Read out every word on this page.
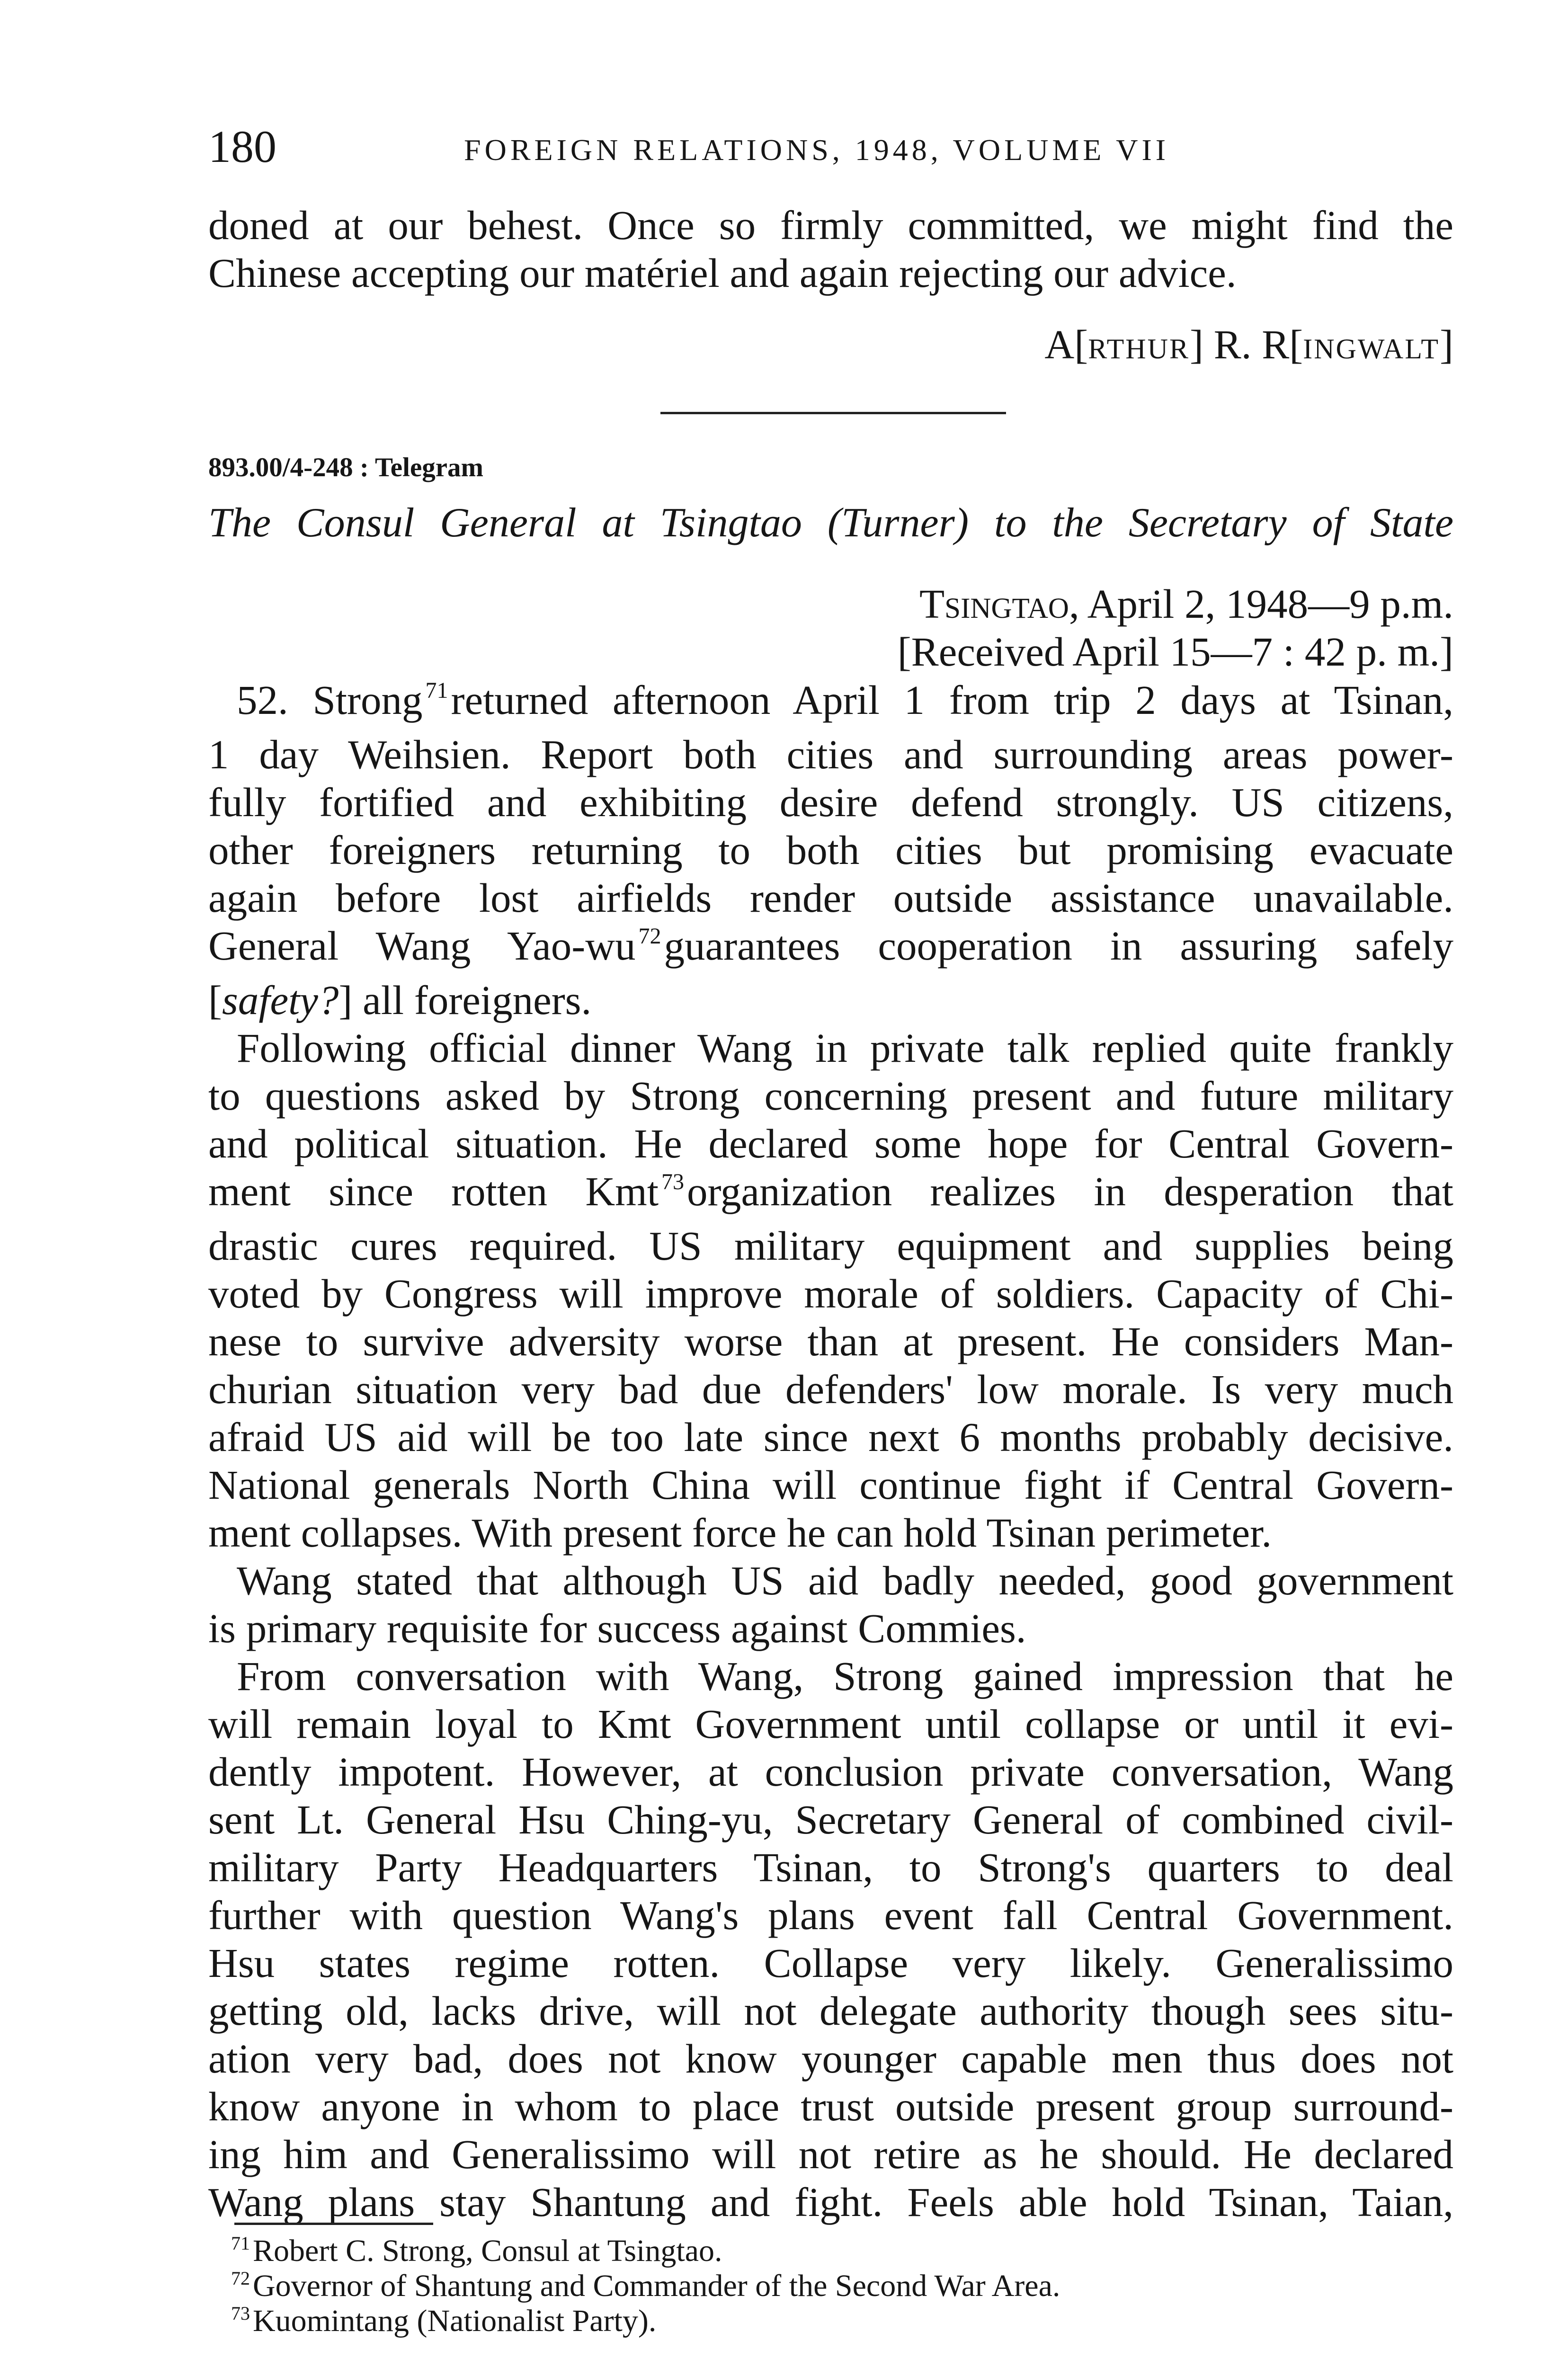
180	FOREIGN RELATIONS, 1948, VOLUME VII
doned at our behest. Once so firmly committed, we might find the
Chinese accepting our matériel and again rejecting our advice.
A[RTHUR] R. R[INGWALT]
893.00/4-248 : Telegram
The Consul General at Tsingtao (Turner) to the Secretary of State
Tsingtao, April 2, 1948—9 p.m.
[Received April 15—7 : 42 p. m.]
52. Strong $^{71}$returned afternoon April 1 from trip 2 days at Tsinan,
1 day Weihsien. Report both cities and surrounding areas power-
fully fortified and exhibiting desire defend strongly. US citizens,
other foreigners returning to both cities but promising evacuate
again before lost airfields render outside assistance unavailable.
General Wang Yao-wu $^{72}$guarantees cooperation in assuring safely
[safety?] all foreigners.
Following official dinner Wang in private talk replied quite frankly
to questions asked by Strong concerning present and future military
and political situation. He declared some hope for Central Govern-
ment since rotten Kmt $^{73}$organization realizes in desperation that
drastic cures required. US military equipment and supplies being
voted by Congress will improve morale of soldiers. Capacity of Chi-
nese to survive adversity worse than at present. He considers Man-
churian situation very bad due defenders' low morale. Is very much
afraid US aid will be too late since next 6 months probably decisive.
National generals North China will continue fight if Central Govern-
ment collapses. With present force he can hold Tsinan perimeter.
Wang stated that although US aid badly needed, good government
is primary requisite for success against Commies.
From conversation with Wang, Strong gained impression that he
will remain loyal to Kmt Government until collapse or until it evi-
dently impotent. However, at conclusion private conversation, Wang
sent Lt. General Hsu Ching-yu, Secretary General of combined civil-
military Party Headquarters Tsinan, to Strong's quarters to deal
further with question Wang's plans event fall Central Government.
Hsu states regime rotten. Collapse very likely. Generalissimo
getting old, lacks drive, will not delegate authority though sees situ-
ation very bad, does not know younger capable men thus does not
know anyone in whom to place trust outside present group surround-
ing him and Generalissimo will not retire as he should. He declared
Wang plans stay Shantung and fight. Feels able hold Tsinan, Taian,
$^{71}$Robert C. Strong, Consul at Tsingtao.
$^{72}$Governor of Shantung and Commander of the Second War Area.
$^{73}$Kuomintang (Nationalist Party).
